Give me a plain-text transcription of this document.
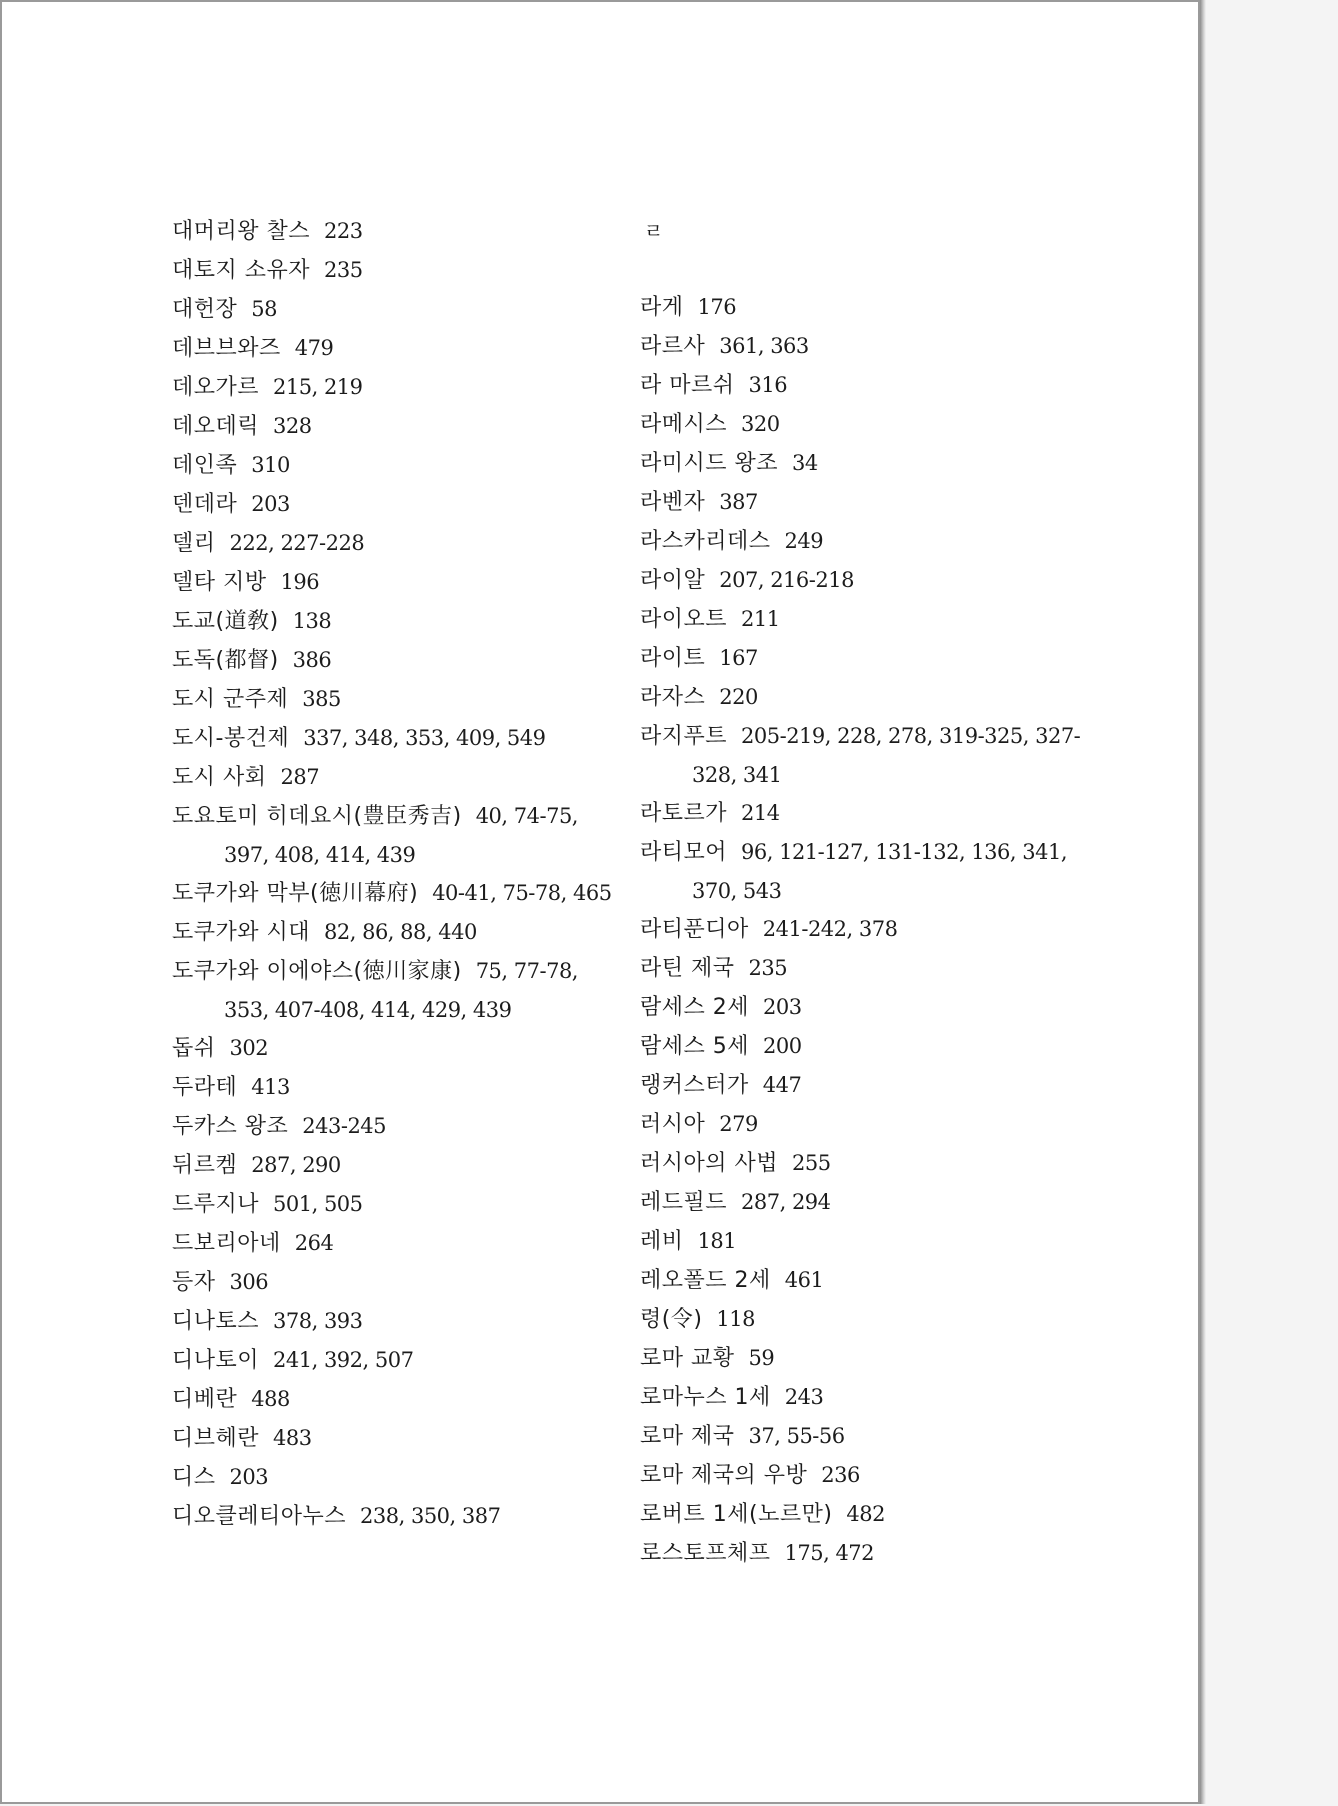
대머리왕 찰스 223
대토지 소유자 235
대헌장 58
데브브와즈 479
데오가르 215, 219
데오데릭 328
데인족 310
덴데라 203
델리 222, 227-228
델타 지방 196
도교(道敎) 138
도독(都督) 386
도시 군주제 385
도시-봉건제 337, 348, 353, 409, 549
도시 사회 287
도요토미 히데요시(豊臣秀吉) 40, 74-75,
397, 408, 414, 439
도쿠가와 막부(徳川幕府) 40-41, 75-78, 465
도쿠가와 시대 82, 86, 88, 440
도쿠가와 이에야스(徳川家康) 75, 77-78,
353, 407-408, 414, 429, 439
돕쉬 302
두라테 413
두카스 왕조 243-245
뒤르켐 287, 290
드루지나 501, 505
드보리아네 264
등자 306
디나토스 378, 393
디나토이 241, 392, 507
디베란 488
디브헤란 483
디스 203
디오클레티아누스 238, 350, 387
ㄹ
라게 176
라르사 361, 363
라 마르쉬 316
라메시스 320
라미시드 왕조 34
라벤자 387
라스카리데스 249
라이알 207, 216-218
라이오트 211
라이트 167
라자스 220
라지푸트 205-219, 228, 278, 319-325, 327-
328, 341
라토르가 214
라티모어 96, 121-127, 131-132, 136, 341,
370, 543
라티푼디아 241-242, 378
라틴 제국 235
람세스 2세 203
람세스 5세 200
랭커스터가 447
러시아 279
러시아의 사법 255
레드필드 287, 294
레비 181
레오폴드 2세 461
령(令) 118
로마 교황 59
로마누스 1세 243
로마 제국 37, 55-56
로마 제국의 우방 236
로버트 1세(노르만) 482
로스토프체프 175, 472
